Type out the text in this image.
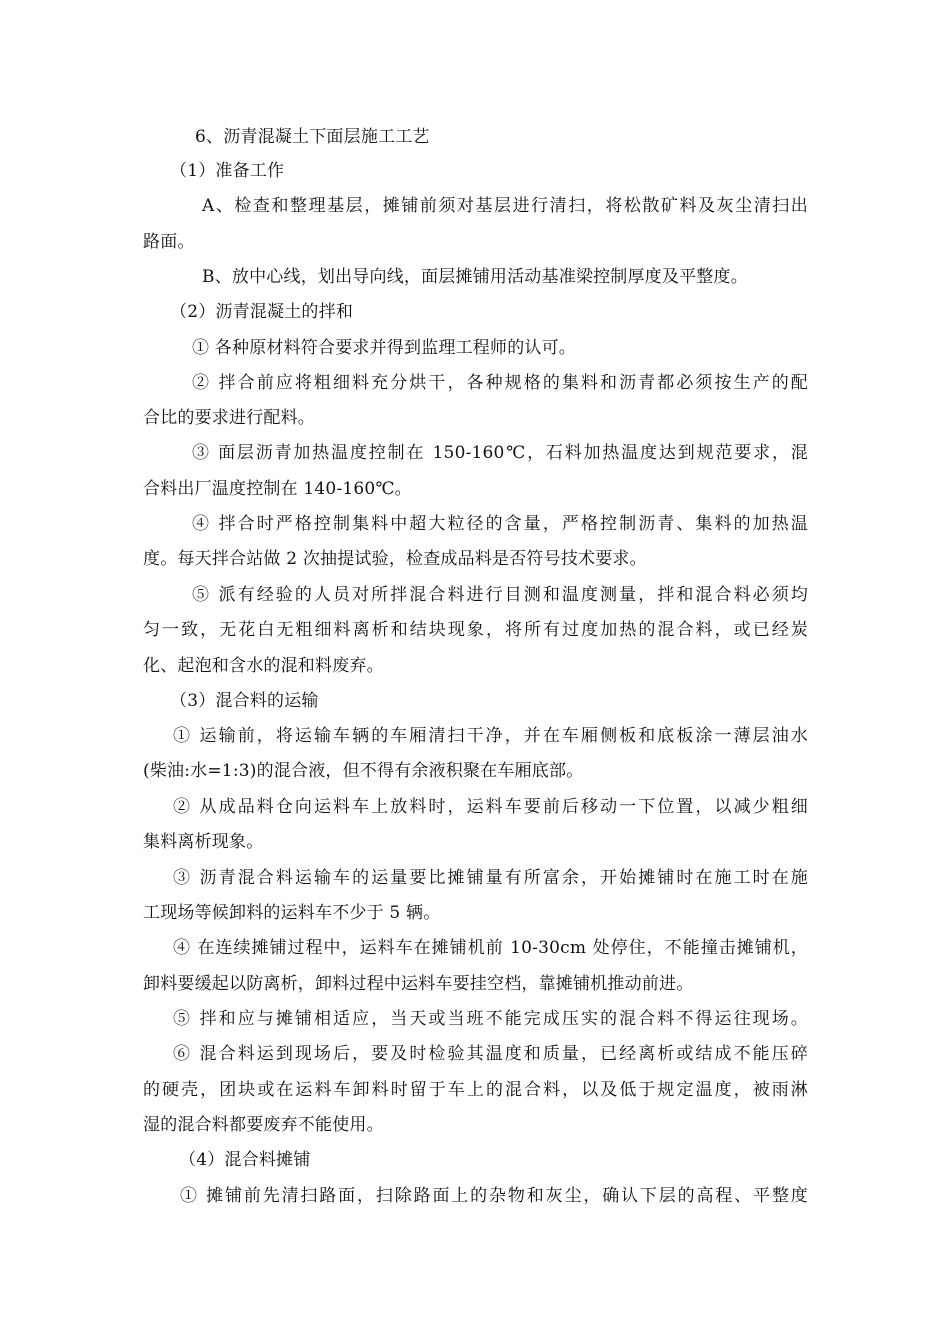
6、沥青混凝土下面层施工工艺
（1）准备工作
A、检查和整理基层，摊铺前须对基层进行清扫，将松散矿料及灰尘清扫出
路面。
B、放中心线，划出导向线，面层摊铺用活动基准梁控制厚度及平整度。
（2）沥青混凝土的拌和
① 各种原材料符合要求并得到监理工程师的认可。
② 拌合前应将粗细料充分烘干，各种规格的集料和沥青都必须按生产的配
合比的要求进行配料。
③ 面层沥青加热温度控制在 150-160℃，石料加热温度达到规范要求，混
合料出厂温度控制在 140-160℃。
④ 拌合时严格控制集料中超大粒径的含量，严格控制沥青、集料的加热温
度。每天拌合站做 2 次抽提试验，检查成品料是否符号技术要求。
⑤ 派有经验的人员对所拌混合料进行目测和温度测量，拌和混合料必须均
匀一致，无花白无粗细料离析和结块现象，将所有过度加热的混合料，或已经炭
化、起泡和含水的混和料废弃。
（3）混合料的运输
① 运输前，将运输车辆的车厢清扫干净，并在车厢侧板和底板涂一薄层油水
(柴油:水=1:3)的混合液，但不得有余液积聚在车厢底部。
② 从成品料仓向运料车上放料时，运料车要前后移动一下位置，以减少粗细
集料离析现象。
③ 沥青混合料运输车的运量要比摊铺量有所富余，开始摊铺时在施工时在施
工现场等候卸料的运料车不少于 5 辆。
④ 在连续摊铺过程中，运料车在摊铺机前 10-30cm 处停住，不能撞击摊铺机，
卸料要缓起以防离析，卸料过程中运料车要挂空档，靠摊铺机推动前进。
⑤ 拌和应与摊铺相适应，当天或当班不能完成压实的混合料不得运往现场。
⑥ 混合料运到现场后，要及时检验其温度和质量，已经离析或结成不能压碎
的硬壳，团块或在运料车卸料时留于车上的混合料，以及低于规定温度，被雨淋
湿的混合料都要废弃不能使用。
（4）混合料摊铺
① 摊铺前先清扫路面，扫除路面上的杂物和灰尘，确认下层的高程、平整度
